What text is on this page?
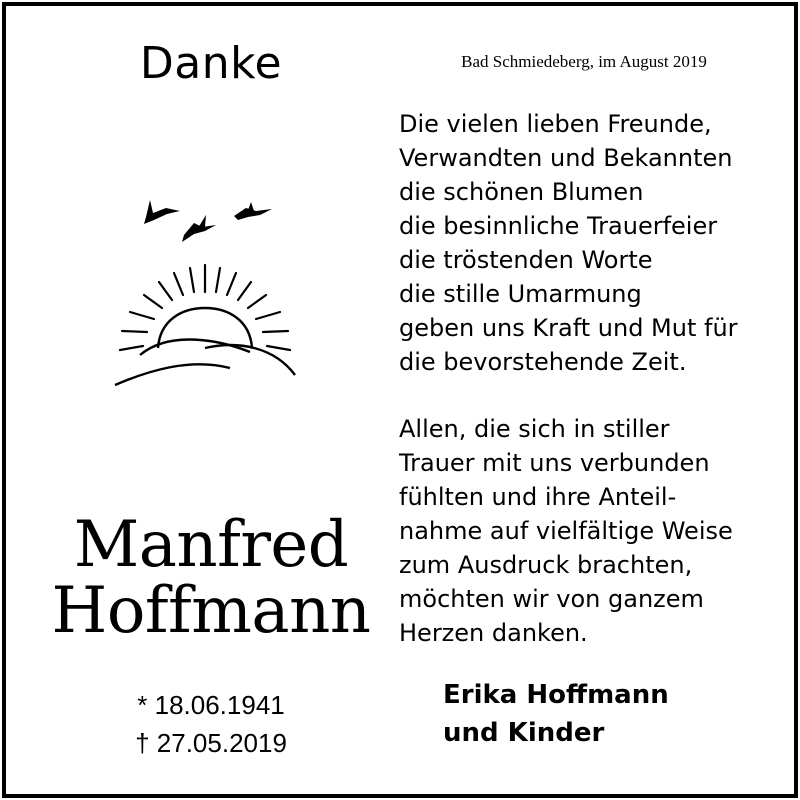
Danke	Bad Schmiedeberg, im August 2019
Die vielen lieben Freunde,
Verwandten und Bekannten
die schönen Blumen
die besinnliche Trauerfeier
die tröstenden Worte
die stille Umarmung
geben uns Kraft und Mut für
die bevorstehende Zeit.
Allen, die sich in stiller
Trauer mit uns verbunden
fühlten und ihre Anteil-
nahme auf vielfältige Weise
zum Ausdruck brachten,
möchten wir von ganzem
Herzen danken.
Manfred
Hoffmann
* 18.06.1941
† 27.05.2019
Erika Hoffmann
und Kinder
